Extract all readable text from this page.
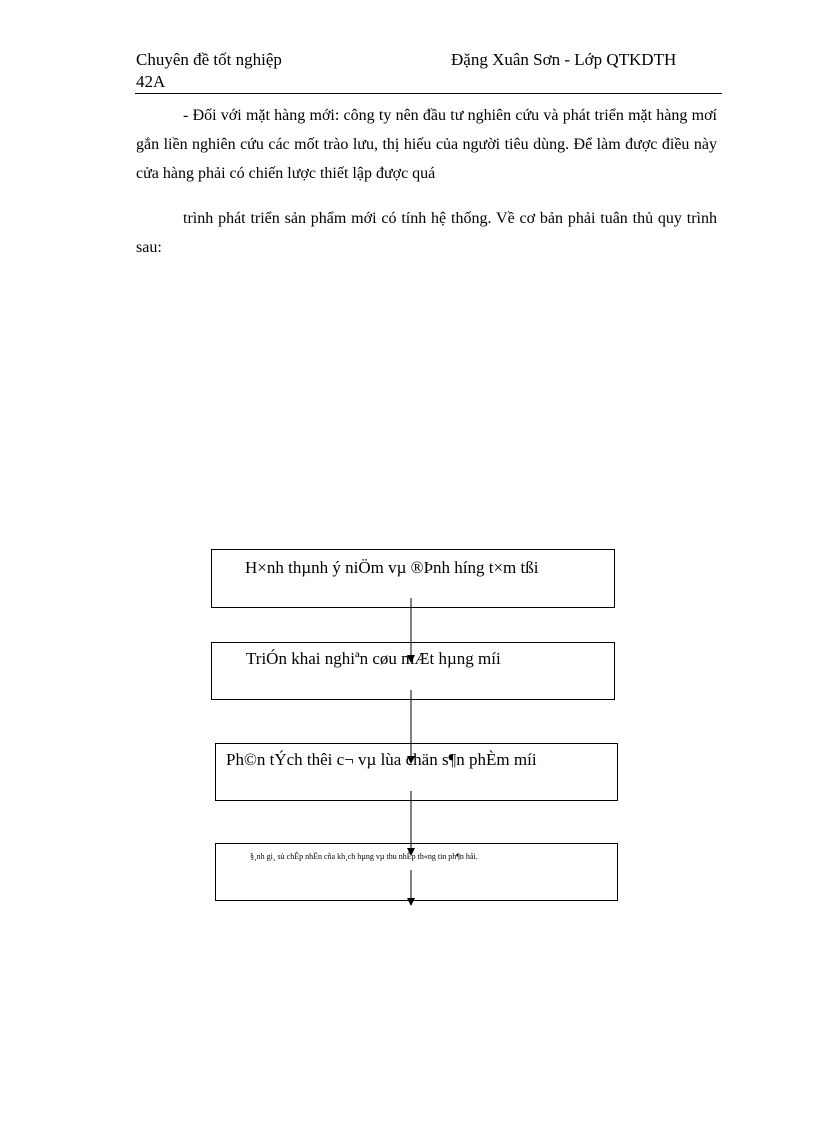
Chuyên đề tốt nghiệp
42A
Đặng Xuân Sơn - Lớp QTKDTH
- Đối với mặt hàng mới: công ty nên đầu tư nghiên cứu và phát triển mặt hàng mơí gắn liền nghiên cứu các mốt trào lưu, thị hiếu của người tiêu dùng. Để làm được điều này cửa hàng phải có chiến lược thiết lập được quá
trình phát triển sản phẩm mới có tính hệ thống. Về cơ bản phải tuân thủ quy trình sau:
H×nh thµnh ý niÖm vµ ®Þnh híng t×m tßi
TriÓn khai nghiªn cøu mÆt hµng míi
Ph©n tÝch thêi c¬ vµ lùa chän s¶n phÈm míi
§¸nh gi¸ sù chÊp nhËn cña kh¸ch hµng vµ thu nhËp th«ng tin ph¶n håi.
